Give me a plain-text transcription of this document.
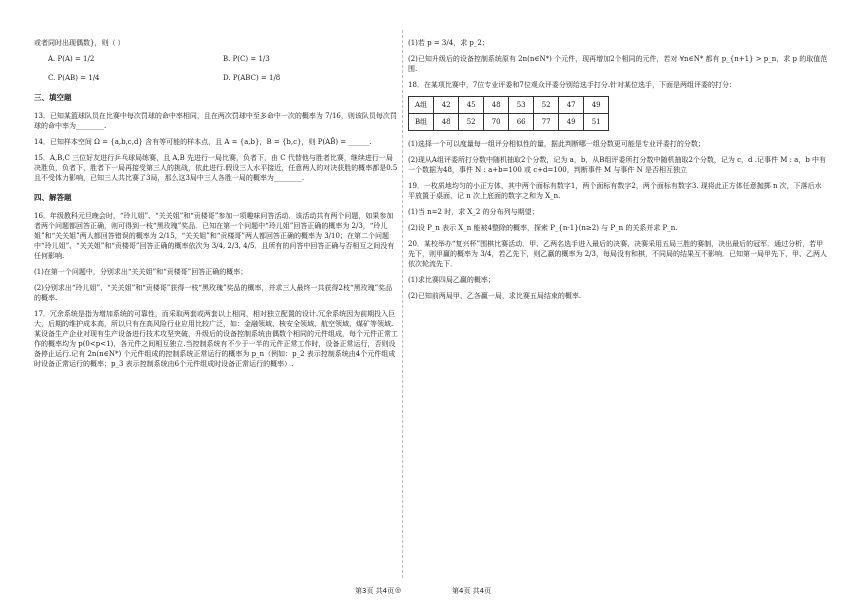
或者同时出现偶数}，则（ ）

A. P(A) = 1/2	B. P(C) = 1/3
C. P(AB) = 1/4	D. P(ABC) = 1/8
三、填空题

13．已知某篮球队员在比赛中每次罚球的命中率相同，且在两次罚球中至多命中一次的概率为 7/16，则该队员每次罚球的命中率为________.

14．已知样本空间 Ω = {a,b,c,d} 含有等可能的样本点，且 A = {a,b}，B = {b,c}，则 P(AB̄) = ______.

15．A,B,C 三位好友进行乒乓球局练赛，且 A,B 先进行一局比赛，负者下，由 C 代替他与胜者比赛，继续进行一局决胜负，负者下，胜者下一局再接受第三人的挑战，依此进行.假设三人水平接近，任意两人的对决获胜的概率都是0.5且不受体力影响，已知三人共比赛了3局，那么这3局中三人各胜一局的概率为________.

四、解答题

16．年级教科元旦晚会时，“玲儿姐”、“关关姐”和“贡楼哥”参加一项趣味问答活动．该活动共有两个问题，如果参加者两个问题都回答正确，则可得到一枝“黑玫瑰”奖品．已知在第一个问题中“玲儿姐”回答正确的概率为 2/3，“玲儿姐”和“关关姐”两人都回答错误的概率为 2/15，“关关姐”和“贡楼哥”两人都回答正确的概率为 3/10；在第二个问题中“玲儿姐”、“关关姐”和“贡楼哥”回答正确的概率依次为 3/4, 2/3, 4/5．且所有的问答中回答正确与否相互之间没有任何影响.

(1)在第一个问题中，分别求出“关关姐”和“贡楼哥”回答正确的概率；

(2)分别求出“玲儿姐”、“关关姐”和“贡楼哥”获得一枝“黑玫瑰”奖品的概率，并求三人最终一共获得2枝“黑玫瑰”奖品的概率.

17．冗余系统是指为增加系统的可靠性，而采取两套或两套以上相同，相对独立配置的设计.冗余系统因为前期投入巨大，后期的维护成本高，所以只有在高风险行业应用比较广泛，如：金融领域、核安全领域、航空领域、煤矿等领域.某设备生产企业对现有生产设备进行技术攻坚突破，升级后的设备控制系统由偶数个相同的元件组成，每个元件正常工作的概率均为 p(0<p<1)，各元件之间相互独立.当控制系统有不少于一半的元件正常工作时，设备正常运行，否则设备停止运行.记有 2n(n∈N*) 个元件组成的控制系统正常运行的概率为 p_n（例如：p_2 表示控制系统由4个元件组成时设备正常运行的概率；p_3 表示控制系统由6个元件组成时设备正常运行的概率）.

(1)若 p = 3/4，求 p_2；

(2)已知升级后的设备控制系统原有 2n(n∈N*) 个元件，现再增加2个相同的元件，若对 ∀n∈N* 都有 p_{n+1} > p_n，求 p 的取值范围.

18．在某项比赛中，7位专业评委和7位观众评委分别给选手打分.针对某位选手，下面是两组评委的打分：

A组	42	45	48	53	52	47	49
B组	48	52	70	66	77	49	51

(1)选择一个可以度量每一组评分相似性的量，据此判断哪一组分数更可能是专业评委打的分数；

(2)现从A组评委所打分数中随机抽取2个分数，记为 a，b，从B组评委所打分数中随机抽取2个分数，记为 c，d .记事件 M : a，b 中有一个数据为48，事件 N : a+b=100 或 c+d=100，判断事件 M 与事件 N 是否相互独立

19．一枚质地均匀的小正方体，其中两个面标有数字1，两个面标有数字2，两个面标有数字3. 现将此正方体任意抛掷 n 次，下落后水平放置于桌面，记 n 次上底面的数字之和为 X_n.

(1)当 n=2 时，求 X_2 的分布列与期望；

(2)设 P_n 表示 X_n 能被4整除的概率，探索 P_{n-1}(n≥2) 与 P_n 的关系并求 P_n.

20．某校举办“复兴杯”围棋比赛活动．甲、乙两名选手进入最后的决赛，决赛采用五局三胜的赛制，决出最后的冠军．通过分析，若甲先下，则甲赢的概率为 3/4，若乙先下，则乙赢的概率为 2/3，每局没有和棋，不同局的结果互不影响．已知第一局甲先下，甲、乙两人依次轮流先下．

(1)求比赛四局乙赢的概率；

(2)已知前两局甲、乙各赢一局，求比赛五局结束的概率.

第3页 共4页 ◎	第4页 共4页
